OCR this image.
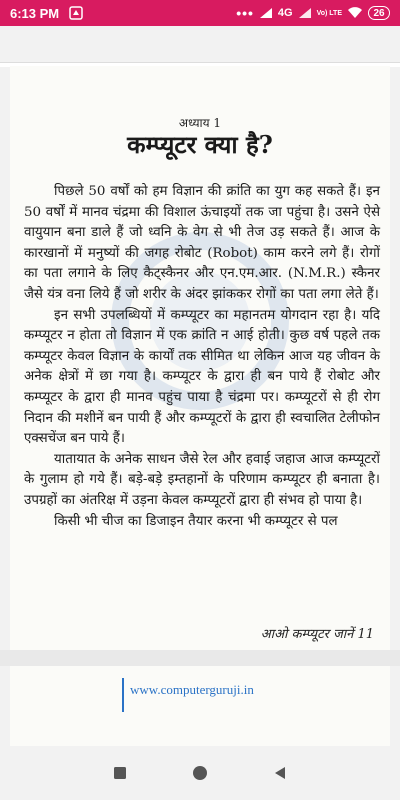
6:13 PM	••• 4G	Vo) LTE	26
अध्याय 1
कम्प्यूटर क्या है?

पिछले 50 वर्षों को हम विज्ञान की क्रांति का युग कह सकते हैं। इन 50 वर्षों में मानव चंद्रमा की विशाल ऊंचाइयों तक जा पहुंचा है। उसने ऐसे वायुयान बना डाले हैं जो ध्वनि के वेग से भी तेज उड़ सकते हैं। आज के कारखानों में मनुष्यों की जगह रोबोट (Robot) काम करने लगे हैं। रोगों का पता लगाने के लिए कैट्स्कैनर और एन.एम.आर. (N.M.R.) स्कैनर जैसे यंत्र वना लिये हैं जो शरीर के अंदर झांककर रोगों का पता लगा लेते हैं।

इन सभी उपलब्धियों में कम्प्यूटर का महानतम योगदान रहा है। यदि कम्प्यूटर न होता तो विज्ञान में एक क्रांति न आई होती। कुछ वर्ष पहले तक कम्प्यूटर केवल विज्ञान के कार्यों तक सीमित था लेकिन आज यह जीवन के अनेक क्षेत्रों में छा गया है। कम्प्यूटर के द्वारा ही बन पाये हैं रोबोट और कम्प्यूटर के द्वारा ही मानव पहुंच पाया है चंद्रमा पर। कम्प्यूटरों से ही रोग निदान की मशीनें बन पायी हैं और कम्प्यूटरों के द्वारा ही स्वचालित टेलीफोन एक्सचेंज बन पाये हैं।

यातायात के अनेक साधन जैसे रेल और हवाई जहाज आज कम्प्यूटरों के गुलाम हो गये हैं। बड़े-बड़े इम्तहानों के परिणाम कम्प्यूटर ही बनाता है। उपग्रहों का अंतरिक्ष में उड़ना केवल कम्प्यूटरों द्वारा ही संभव हो पाया है।

किसी भी चीज का डिजाइन तैयार करना भी कम्प्यूटर से पल

आओ कम्प्यूटर जानें 11
www.computerguruji.in
